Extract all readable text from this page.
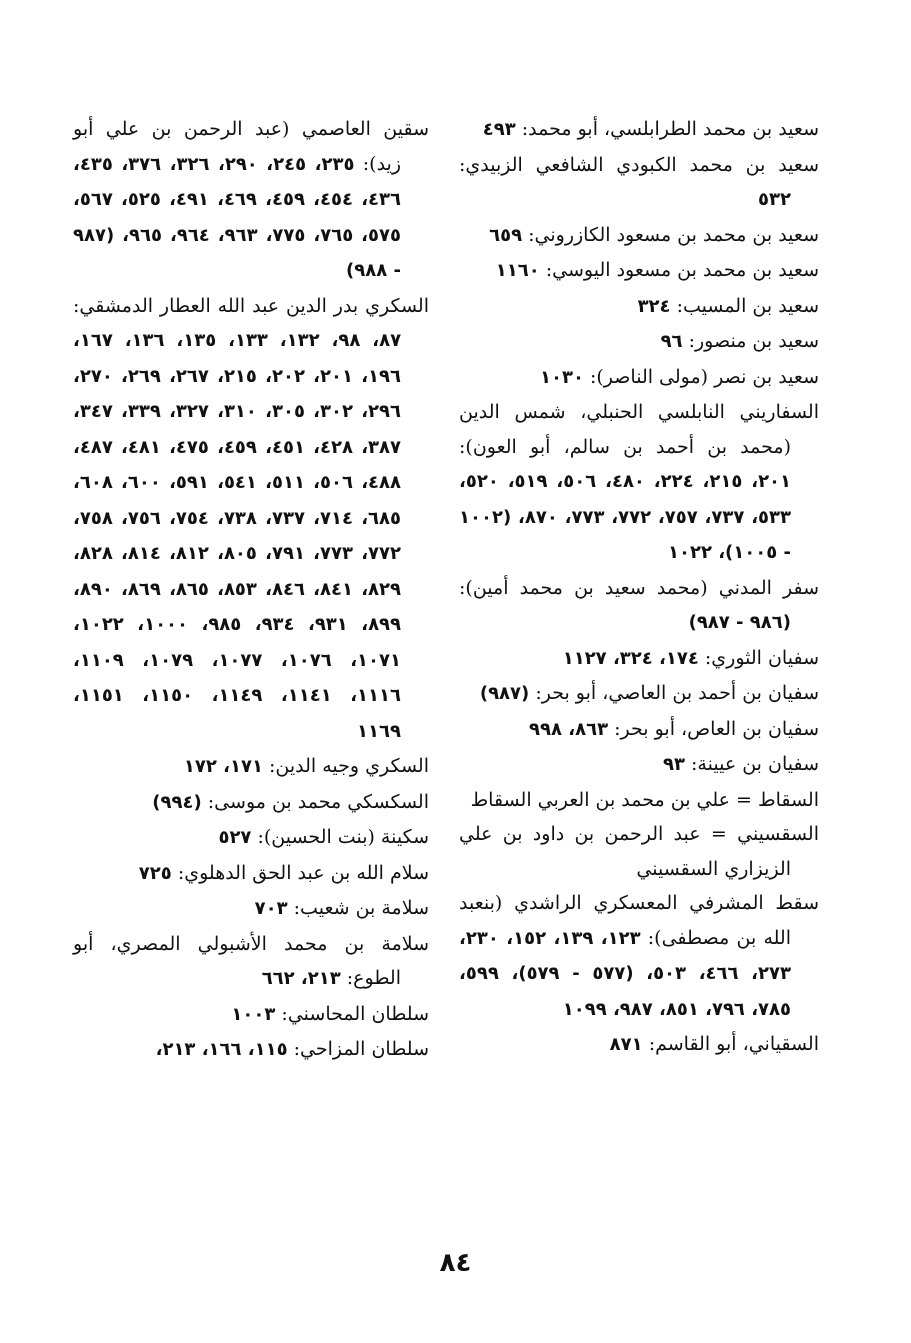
سعيد بن محمد الطرابلسي، أبو محمد: ٤٩٣

سعيد بن محمد الكبودي الشافعي الزبيدي: ٥٣٢

سعيد بن محمد بن مسعود الكازروني: ٦٥٩

سعيد بن محمد بن مسعود اليوسي: ١١٦٠

سعيد بن المسيب: ٣٢٤

سعيد بن منصور: ٩٦

سعيد بن نصر (مولى الناصر): ١٠٣٠

السفاريني النابلسي الحنبلي، شمس الدين (محمد بن أحمد بن سالم، أبو العون): ٢٠١، ٢١٥، ٢٢٤، ٤٨٠، ٥٠٦، ٥١٩، ٥٢٠، ٥٣٣، ٧٣٧، ٧٥٧، ٧٧٢، ٧٧٣، ٨٧٠، (١٠٠٢ - ١٠٠٥)، ١٠٢٢

سفر المدني (محمد سعيد بن محمد أمين): (٩٨٦ - ٩٨٧)

سفيان الثوري: ١٧٤، ٣٢٤، ١١٢٧

سفيان بن أحمد بن العاصي، أبو بحر: (٩٨٧)

سفيان بن العاص، أبو بحر: ٨٦٣، ٩٩٨

سفيان بن عيينة: ٩٣

السقاط = علي بن محمد بن العربي السقاط

السقسيني = عبد الرحمن بن داود بن علي الزيزاري السقسيني

سقط المشرفي المعسكري الراشدي (بنعبد الله بن مصطفى): ١٢٣، ١٣٩، ١٥٢، ٢٣٠، ٢٧٣، ٤٦٦، ٥٠٣، (٥٧٧ - ٥٧٩)، ٥٩٩، ٧٨٥، ٧٩٦، ٨٥١، ٩٨٧، ١٠٩٩

السقياني، أبو القاسم: ٨٧١

سقين العاصمي (عبد الرحمن بن علي أبو زيد): ٢٣٥، ٢٤٥، ٢٩٠، ٣٢٦، ٣٧٦، ٤٣٥، ٤٣٦، ٤٥٤، ٤٥٩، ٤٦٩، ٤٩١، ٥٢٥، ٥٦٧، ٥٧٥، ٧٦٥، ٧٧٥، ٩٦٣، ٩٦٤، ٩٦٥، (٩٨٧ - ٩٨٨)

السكري بدر الدين عبد الله العطار الدمشقي: ٨٧، ٩٨، ١٣٢، ١٣٣، ١٣٥، ١٣٦، ١٦٧، ١٩٦، ٢٠١، ٢٠٢، ٢١٥، ٢٦٧، ٢٦٩، ٢٧٠، ٢٩٦، ٣٠٢، ٣٠٥، ٣١٠، ٣٢٧، ٣٣٩، ٣٤٧، ٣٨٧، ٤٢٨، ٤٥١، ٤٥٩، ٤٧٥، ٤٨١، ٤٨٧، ٤٨٨، ٥٠٦، ٥١١، ٥٤١، ٥٩١، ٦٠٠، ٦٠٨، ٦٨٥، ٧١٤، ٧٣٧، ٧٣٨، ٧٥٤، ٧٥٦، ٧٥٨، ٧٧٢، ٧٧٣، ٧٩١، ٨٠٥، ٨١٢، ٨١٤، ٨٢٨، ٨٢٩، ٨٤١، ٨٤٦، ٨٥٣، ٨٦٥، ٨٦٩، ٨٩٠، ٨٩٩، ٩٣١، ٩٣٤، ٩٨٥، ١٠٠٠، ١٠٢٢، ١٠٧١، ١٠٧٦، ١٠٧٧، ١٠٧٩، ١١٠٩، ١١١٦، ١١٤١، ١١٤٩، ١١٥٠، ١١٥١، ١١٦٩

السكري وجيه الدين: ١٧١، ١٧٢

السكسكي محمد بن موسى: (٩٩٤)

سكينة (بنت الحسين): ٥٢٧

سلام الله بن عبد الحق الدهلوي: ٧٢٥

سلامة بن شعيب: ٧٠٣

سلامة بن محمد الأشبولي المصري، أبو الطوع: ٢١٣، ٦٦٢

سلطان المحاسني: ١٠٠٣

سلطان المزاحي: ١١٥، ١٦٦، ٢١٣،

٨٤
